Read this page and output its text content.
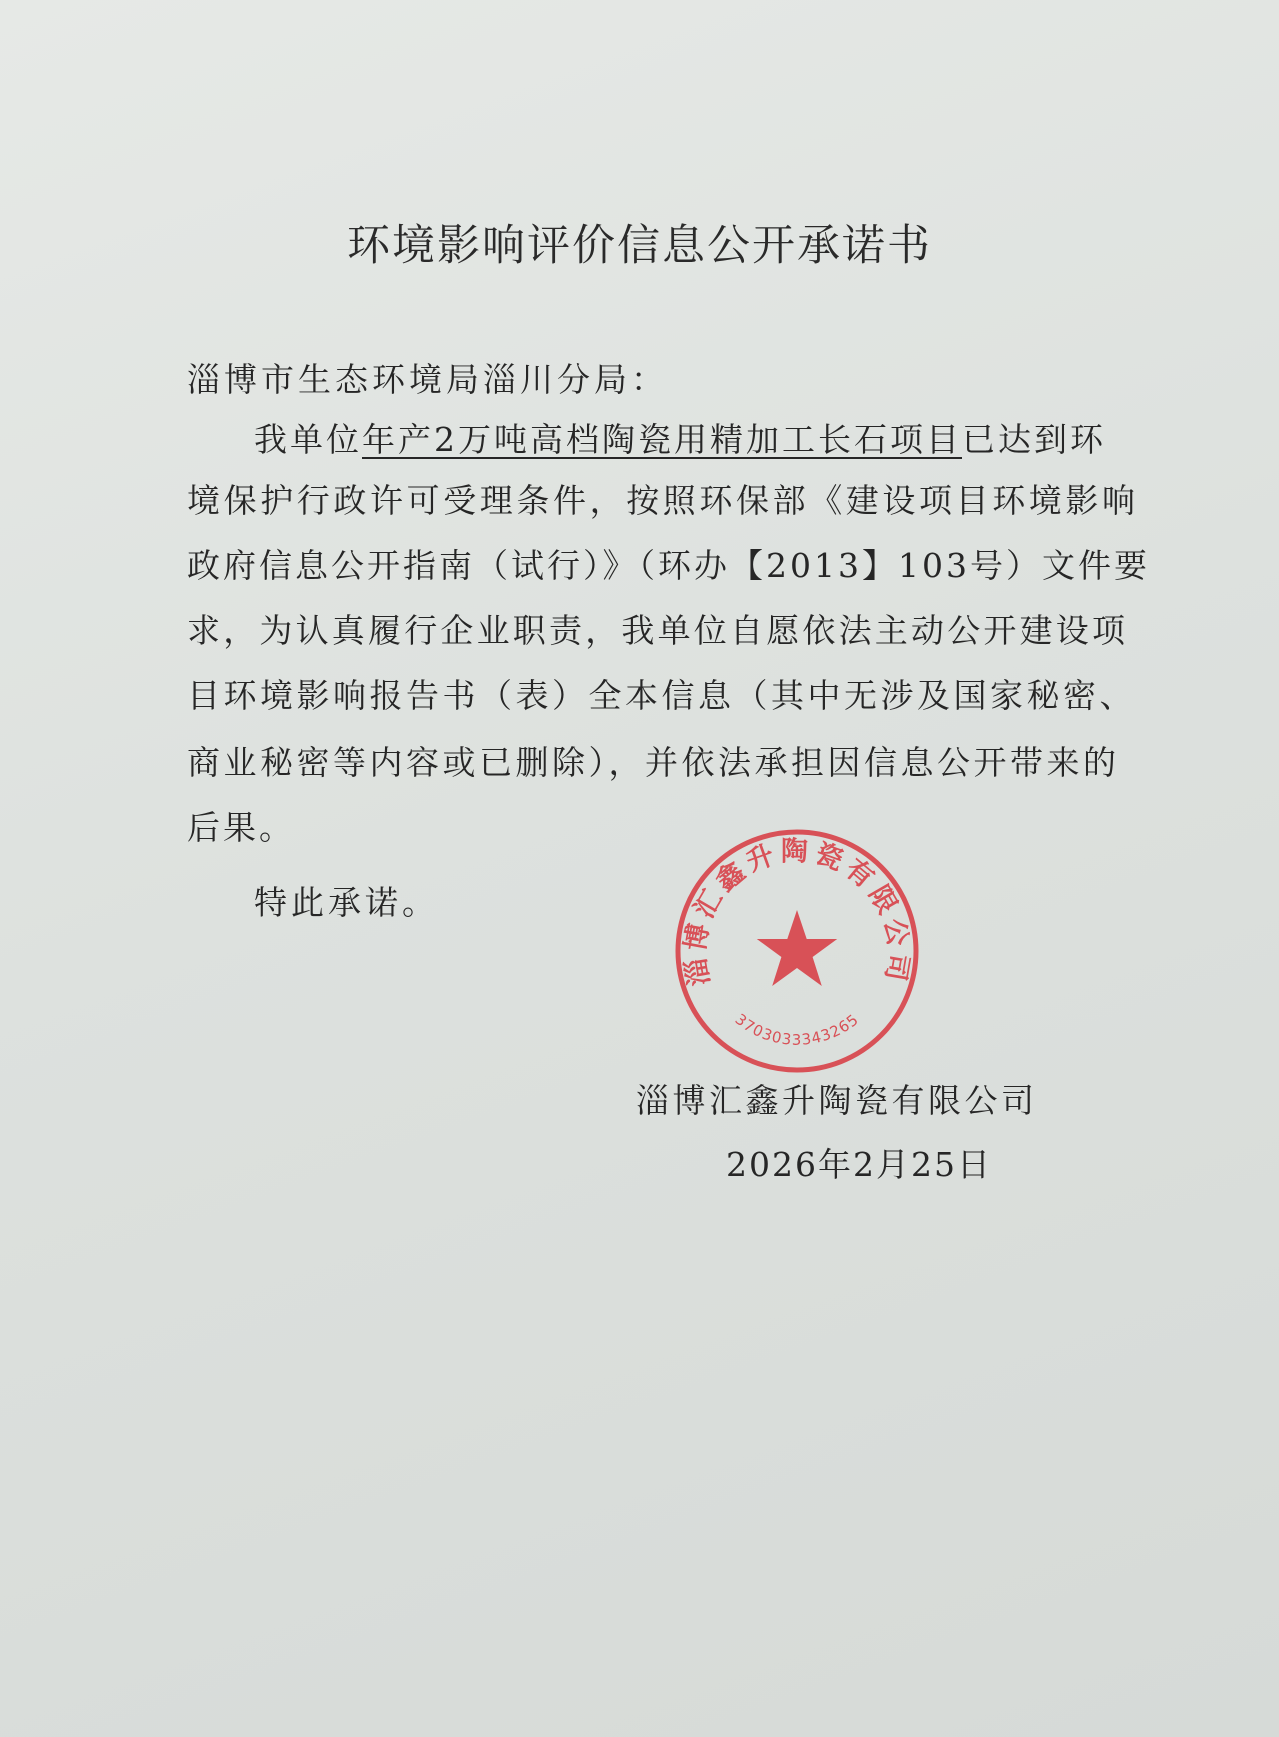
环境影响评价信息公开承诺书
淄博市生态环境局淄川分局：
我单位年产2万吨高档陶瓷用精加工长石项目已达到环
境保护行政许可受理条件，按照环保部《建设项目环境影响
政府信息公开指南（试行）》（环办【2013】103号）文件要
求，为认真履行企业职责，我单位自愿依法主动公开建设项
目环境影响报告书（表）全本信息（其中无涉及国家秘密、
商业秘密等内容或已删除），并依法承担因信息公开带来的
后果。
特此承诺。
淄博汇鑫升陶瓷有限公司
3703033343265
淄博汇鑫升陶瓷有限公司
2026年2月25日
